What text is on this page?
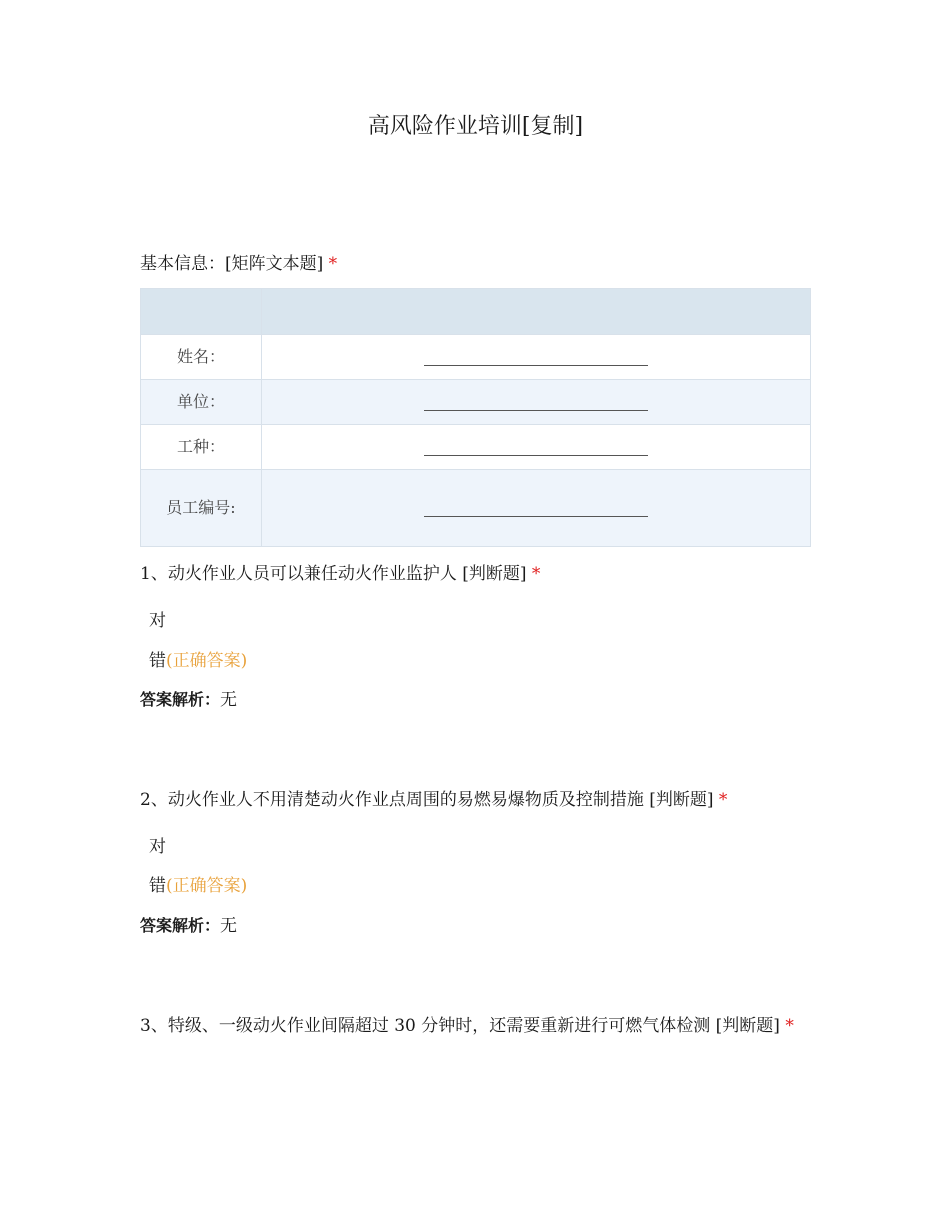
高风险作业培训[复制]
基本信息：[矩阵文本题] *

姓名：	
单位：	
工种：	
员工编号:	
1、动火作业人员可以兼任动火作业监护人 [判断题] *
对
错(正确答案)
答案解析：无
2、动火作业人不用清楚动火作业点周围的易燃易爆物质及控制措施 [判断题] *
对
错(正确答案)
答案解析：无
3、特级、一级动火作业间隔超过 30 分钟时，还需要重新进行可燃气体检测 [判断题] *
